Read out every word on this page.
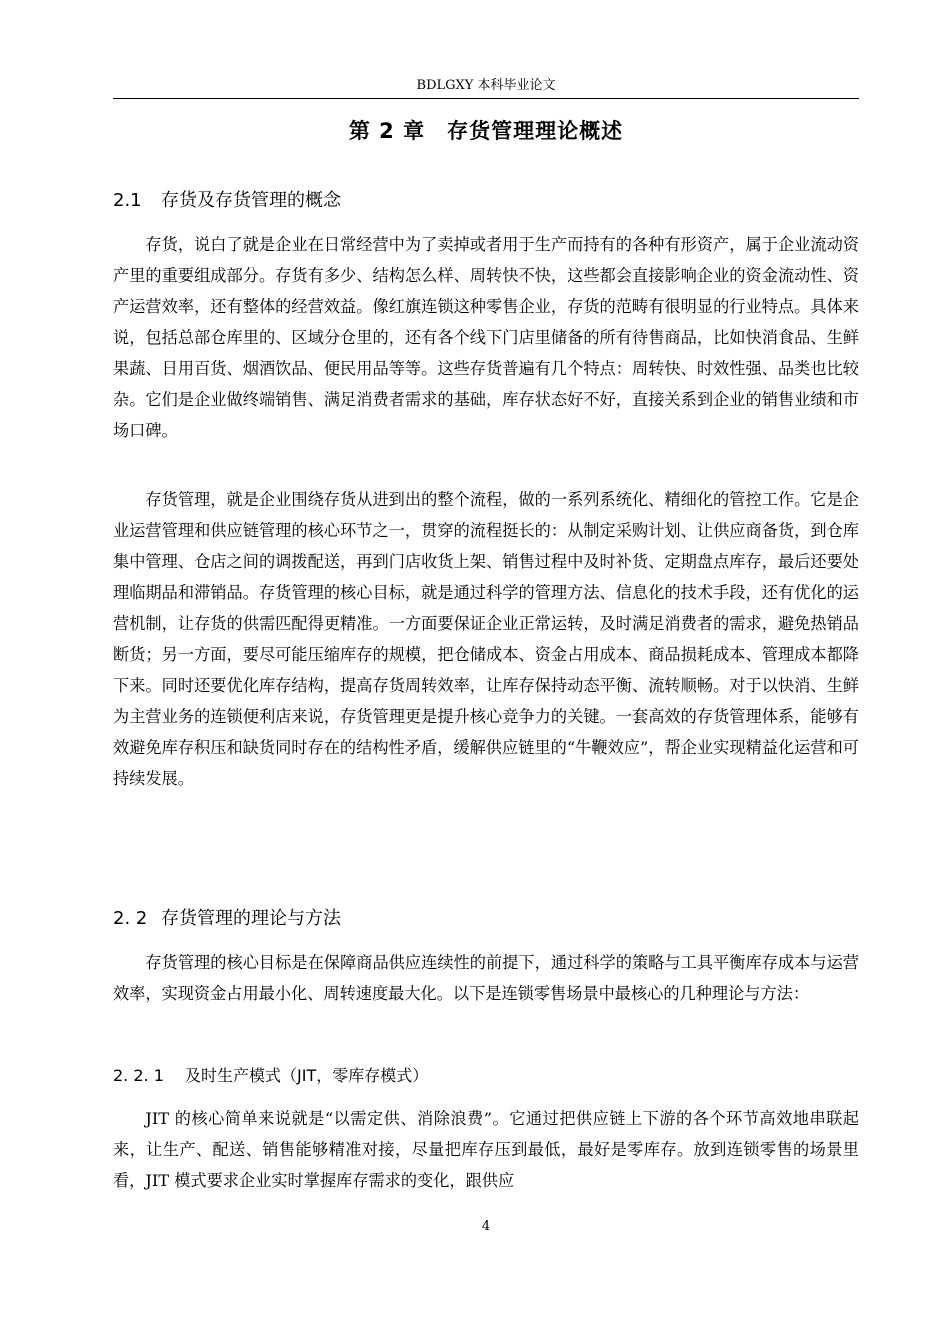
BDLGXY 本科毕业论文
第 2 章　存货管理理论概述
2.1 存货及存货管理的概念

存货，说白了就是企业在日常经营中为了卖掉或者用于生产而持有的各种有形资产，属于企业流动资产里的重要组成部分。存货有多少、结构怎么样、周转快不快，这些都会直接影响企业的资金流动性、资产运营效率，还有整体的经营效益。像红旗连锁这种零售企业，存货的范畴有很明显的行业特点。具体来说，包括总部仓库里的、区域分仓里的，还有各个线下门店里储备的所有待售商品，比如快消食品、生鲜果蔬、日用百货、烟酒饮品、便民用品等等。这些存货普遍有几个特点：周转快、时效性强、品类也比较杂。它们是企业做终端销售、满足消费者需求的基础，库存状态好不好，直接关系到企业的销售业绩和市场口碑。

存货管理，就是企业围绕存货从进到出的整个流程，做的一系列系统化、精细化的管控工作。它是企业运营管理和供应链管理的核心环节之一，贯穿的流程挺长的：从制定采购计划、让供应商备货，到仓库集中管理、仓店之间的调拨配送，再到门店收货上架、销售过程中及时补货、定期盘点库存，最后还要处理临期品和滞销品。存货管理的核心目标，就是通过科学的管理方法、信息化的技术手段，还有优化的运营机制，让存货的供需匹配得更精准。一方面要保证企业正常运转，及时满足消费者的需求，避免热销品断货；另一方面，要尽可能压缩库存的规模，把仓储成本、资金占用成本、商品损耗成本、管理成本都降下来。同时还要优化库存结构，提高存货周转效率，让库存保持动态平衡、流转顺畅。对于以快消、生鲜为主营业务的连锁便利店来说，存货管理更是提升核心竞争力的关键。一套高效的存货管理体系，能够有效避免库存积压和缺货同时存在的结构性矛盾，缓解供应链里的“牛鞭效应”，帮企业实现精益化运营和可持续发展。

2. 2 存货管理的理论与方法

存货管理的核心目标是在保障商品供应连续性的前提下，通过科学的策略与工具平衡库存成本与运营效率，实现资金占用最小化、周转速度最大化。以下是连锁零售场景中最核心的几种理论与方法：

2. 2. 1 及时生产模式（JIT，零库存模式）

JIT 的核心简单来说就是“以需定供、消除浪费”。它通过把供应链上下游的各个环节高效地串联起来，让生产、配送、销售能够精准对接，尽量把库存压到最低，最好是零库存。放到连锁零售的场景里看，JIT 模式要求企业实时掌握库存需求的变化，跟供应

4
